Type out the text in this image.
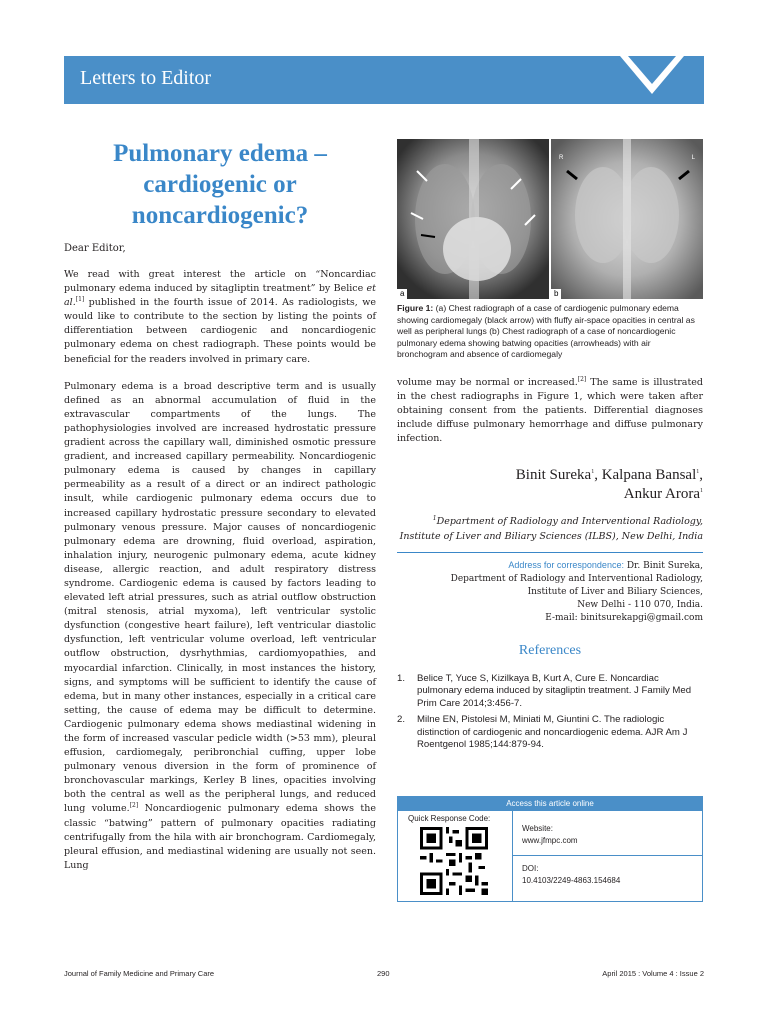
Letters to Editor
Pulmonary edema – cardiogenic or noncardiogenic?

Dear Editor,

We read with great interest the article on “Noncardiac pulmonary edema induced by sitagliptin treatment” by Belice et al.[1] published in the fourth issue of 2014. As radiologists, we would like to contribute to the section by listing the points of differentiation between cardiogenic and noncardiogenic pulmonary edema on chest radiograph. These points would be beneficial for the readers involved in primary care.

Pulmonary edema is a broad descriptive term and is usually defined as an abnormal accumulation of fluid in the extravascular compartments of the lungs. The pathophysiologies involved are increased hydrostatic pressure gradient across the capillary wall, diminished osmotic pressure gradient, and increased capillary permeability. Noncardiogenic pulmonary edema is caused by changes in capillary permeability as a result of a direct or an indirect pathologic insult, while cardiogenic pulmonary edema occurs due to increased capillary hydrostatic pressure secondary to elevated pulmonary venous pressure. Major causes of noncardiogenic pulmonary edema are drowning, fluid overload, aspiration, inhalation injury, neurogenic pulmonary edema, acute kidney disease, allergic reaction, and adult respiratory distress syndrome. Cardiogenic edema is caused by factors leading to elevated left atrial pressures, such as atrial outflow obstruction (mitral stenosis, atrial myxoma), left ventricular systolic dysfunction (congestive heart failure), left ventricular diastolic dysfunction, left ventricular volume overload, left ventricular outflow obstruction, dysrhythmias, cardiomyopathies, and myocardial infarction. Clinically, in most instances the history, signs, and symptoms will be sufficient to identify the cause of edema, but in many other instances, especially in a critical care setting, the cause of edema may be difficult to determine. Cardiogenic pulmonary edema shows mediastinal widening in the form of increased vascular pedicle width (>53 mm), pleural effusion, cardiomegaly, peribronchial cuffing, upper lobe pulmonary venous diversion in the form of prominence of bronchovascular markings, Kerley B lines, opacities involving both the central as well as the peripheral lungs, and reduced lung volume.[2] Noncardiogenic pulmonary edema shows the classic “batwing” pattern of pulmonary opacities radiating centrifugally from the hila with air bronchogram. Cardiomegaly, pleural effusion, and mediastinal widening are usually not seen. Lung

a
R	L
b
Figure 1: (a) Chest radiograph of a case of cardiogenic pulmonary edema showing cardiomegaly (black arrow) with fluffy air-space opacities in central as well as peripheral lungs (b) Chest radiograph of a case of noncardiogenic pulmonary edema showing batwing opacities (arrowheads) with air bronchogram and absence of cardiomegaly

volume may be normal or increased.[2] The same is illustrated in the chest radiographs in Figure 1, which were taken after obtaining consent from the patients. Differential diagnoses include diffuse pulmonary hemorrhage and diffuse pulmonary infection.

Binit Sureka$^1$, Kalpana Bansal$^1$,
Ankur Arora$^1$

$^1$Department of Radiology and Interventional Radiology, Institute of Liver and Biliary Sciences (ILBS), New Delhi, India

Address for correspondence: Dr. Binit Sureka,

Department of Radiology and Interventional Radiology,

Institute of Liver and Biliary Sciences,

New Delhi - 110 070, India.

E-mail: binitsurekapgi@gmail.com

References
1.	Belice T, Yuce S, Kizilkaya B, Kurt A, Cure E. Noncardiac pulmonary edema induced by sitagliptin treatment. J Family Med Prim Care 2014;3:456-7.
2.	Milne EN, Pistolesi M, Miniati M, Giuntini C. The radiologic distinction of cardiogenic and noncardiogenic edema. AJR Am J Roentgenol 1985;144:879-94.
Access this article online
Quick Response Code:
Website:
www.jfmpc.com
DOI:
10.4103/2249-4863.154684
Journal of Family Medicine and Primary Care	290	April 2015 : Volume 4 : Issue 2
